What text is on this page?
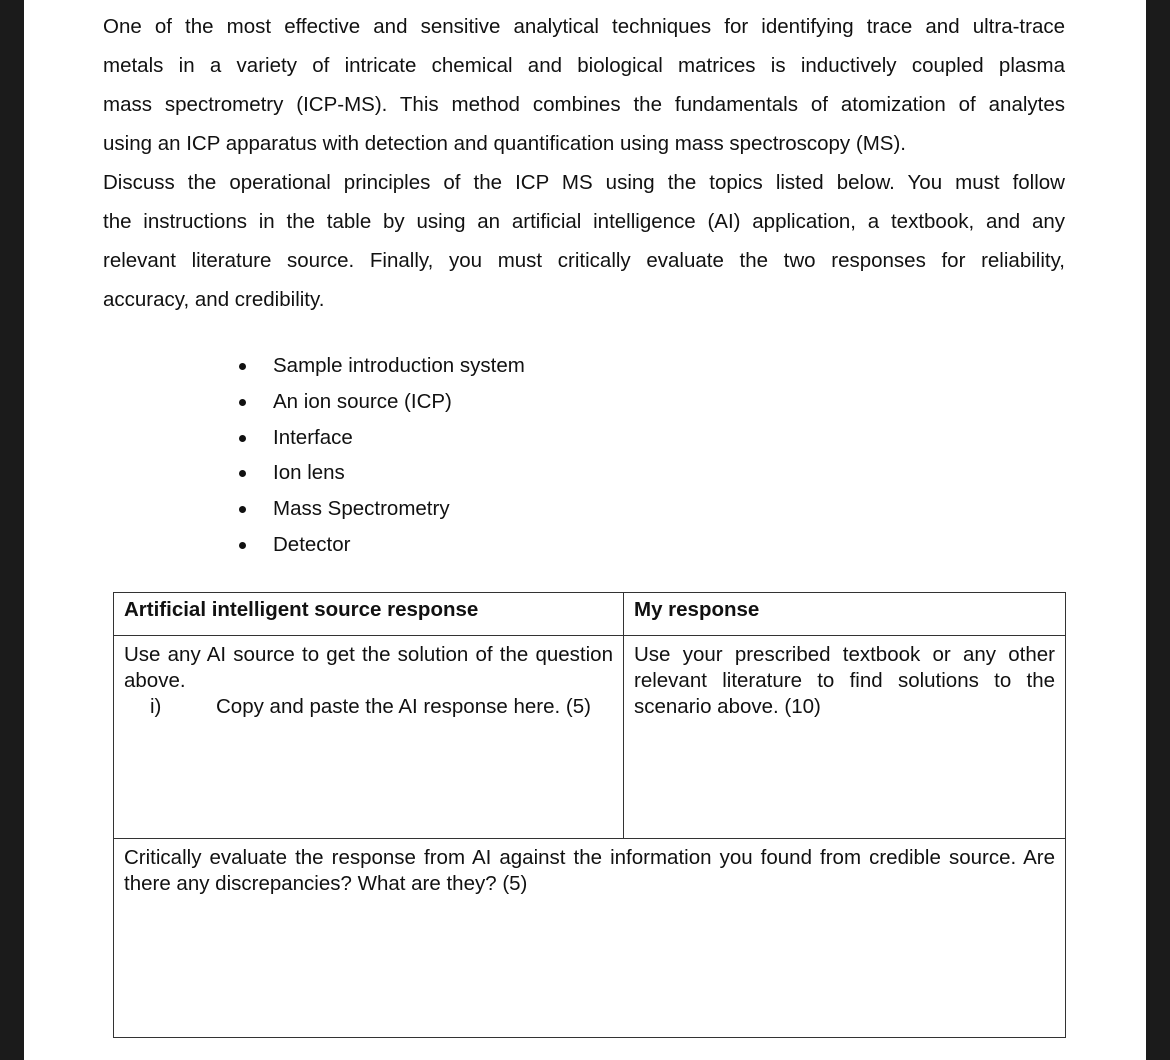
One of the most effective and sensitive analytical techniques for identifying trace and ultra-trace
metals in a variety of intricate chemical and biological matrices is inductively coupled plasma
mass spectrometry (ICP-MS). This method combines the fundamentals of atomization of analytes
using an ICP apparatus with detection and quantification using mass spectroscopy (MS).
Discuss the operational principles of the ICP MS using the topics listed below. You must follow
the instructions in the table by using an artificial intelligence (AI) application, a textbook, and any
relevant literature source. Finally, you must critically evaluate the two responses for reliability,
accuracy, and credibility.
Sample introduction system
An ion source (ICP)
Interface
Ion lens
Mass Spectrometry
Detector
Artificial intelligent source response	My response

Use any AI source to get the solution of the question above.
i) Copy and paste the AI response here. (5)	Use your prescribed textbook or any other relevant literature to find solutions to the scenario above. (10)

Critically evaluate the response from AI against the information you found from credible source. Are there any discrepancies? What are they? (5)	
